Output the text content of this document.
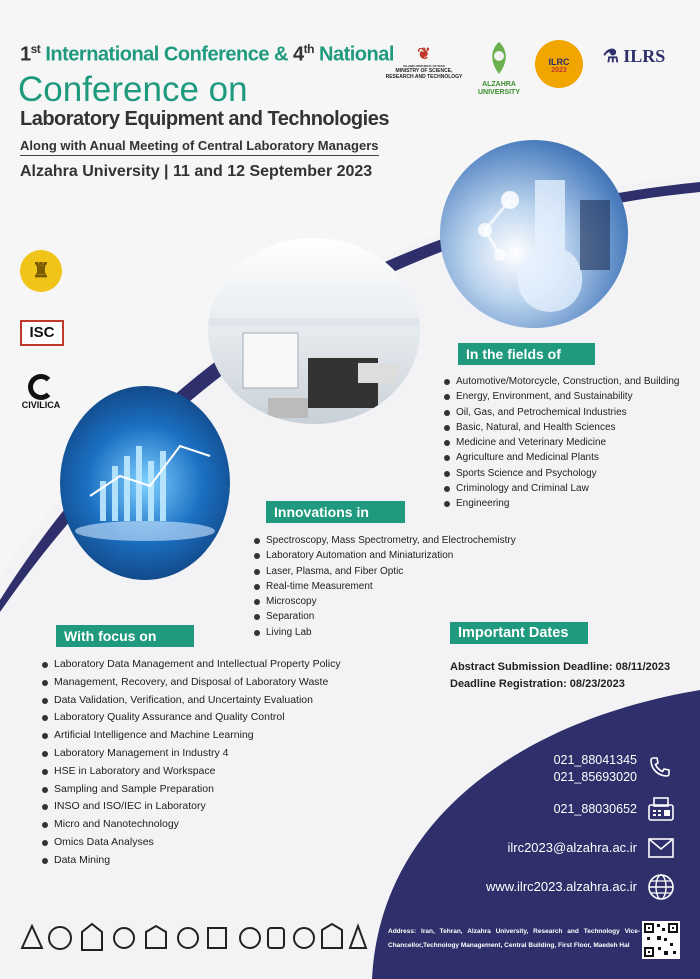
1st International Conference & 4th National
Conference on
Laboratory Equipment and Technologies
Along with Anual Meeting of Central Laboratory Managers
Alzahra University | 11 and 12 September 2023
❦
ISLAMIC REPUBLIC OF IRAN
MINISTRY OF SCIENCE, RESEARCH AND TECHNOLOGY
ALZAHRA UNIVERSITY
ILRC
2023
⚗ ILRS
♜
ISC
CIVILICA
In the fields of
Automotive/Motorcycle, Construction, and Building
Energy, Environment, and Sustainability
Oil, Gas, and Petrochemical Industries
Basic, Natural, and Health Sciences
Medicine and Veterinary Medicine
Agriculture and Medicinal Plants
Sports Science and Psychology
Criminology and Criminal Law
Engineering
Innovations in
Spectroscopy, Mass Spectrometry, and Electrochemistry
Laboratory Automation and Miniaturization
Laser, Plasma, and Fiber Optic
Real-time Measurement
Microscopy
Separation
Living Lab
With focus on
Laboratory Data Management and Intellectual Property Policy
Management, Recovery, and Disposal of Laboratory Waste
Data Validation, Verification, and Uncertainty Evaluation
Laboratory Quality Assurance and Quality Control
Artificial Intelligence and Machine Learning
Laboratory Management in Industry 4
HSE in Laboratory and Workspace
Sampling and Sample Preparation
INSO and ISO/IEC in Laboratory
Micro and Nanotechnology
Omics Data Analyses
Data Mining
Important Dates
Abstract Submission Deadline: 08/11/2023
Deadline Registration: 08/23/2023
021_88041345
021_85693020
021_88030652
ilrc2023@alzahra.ac.ir
www.ilrc2023.alzahra.ac.ir
Address: Iran, Tehran, Alzahra University, Research and Technology Vice-Chancellor,Technology Management, Central Building, First Floor, Maedeh Hal
